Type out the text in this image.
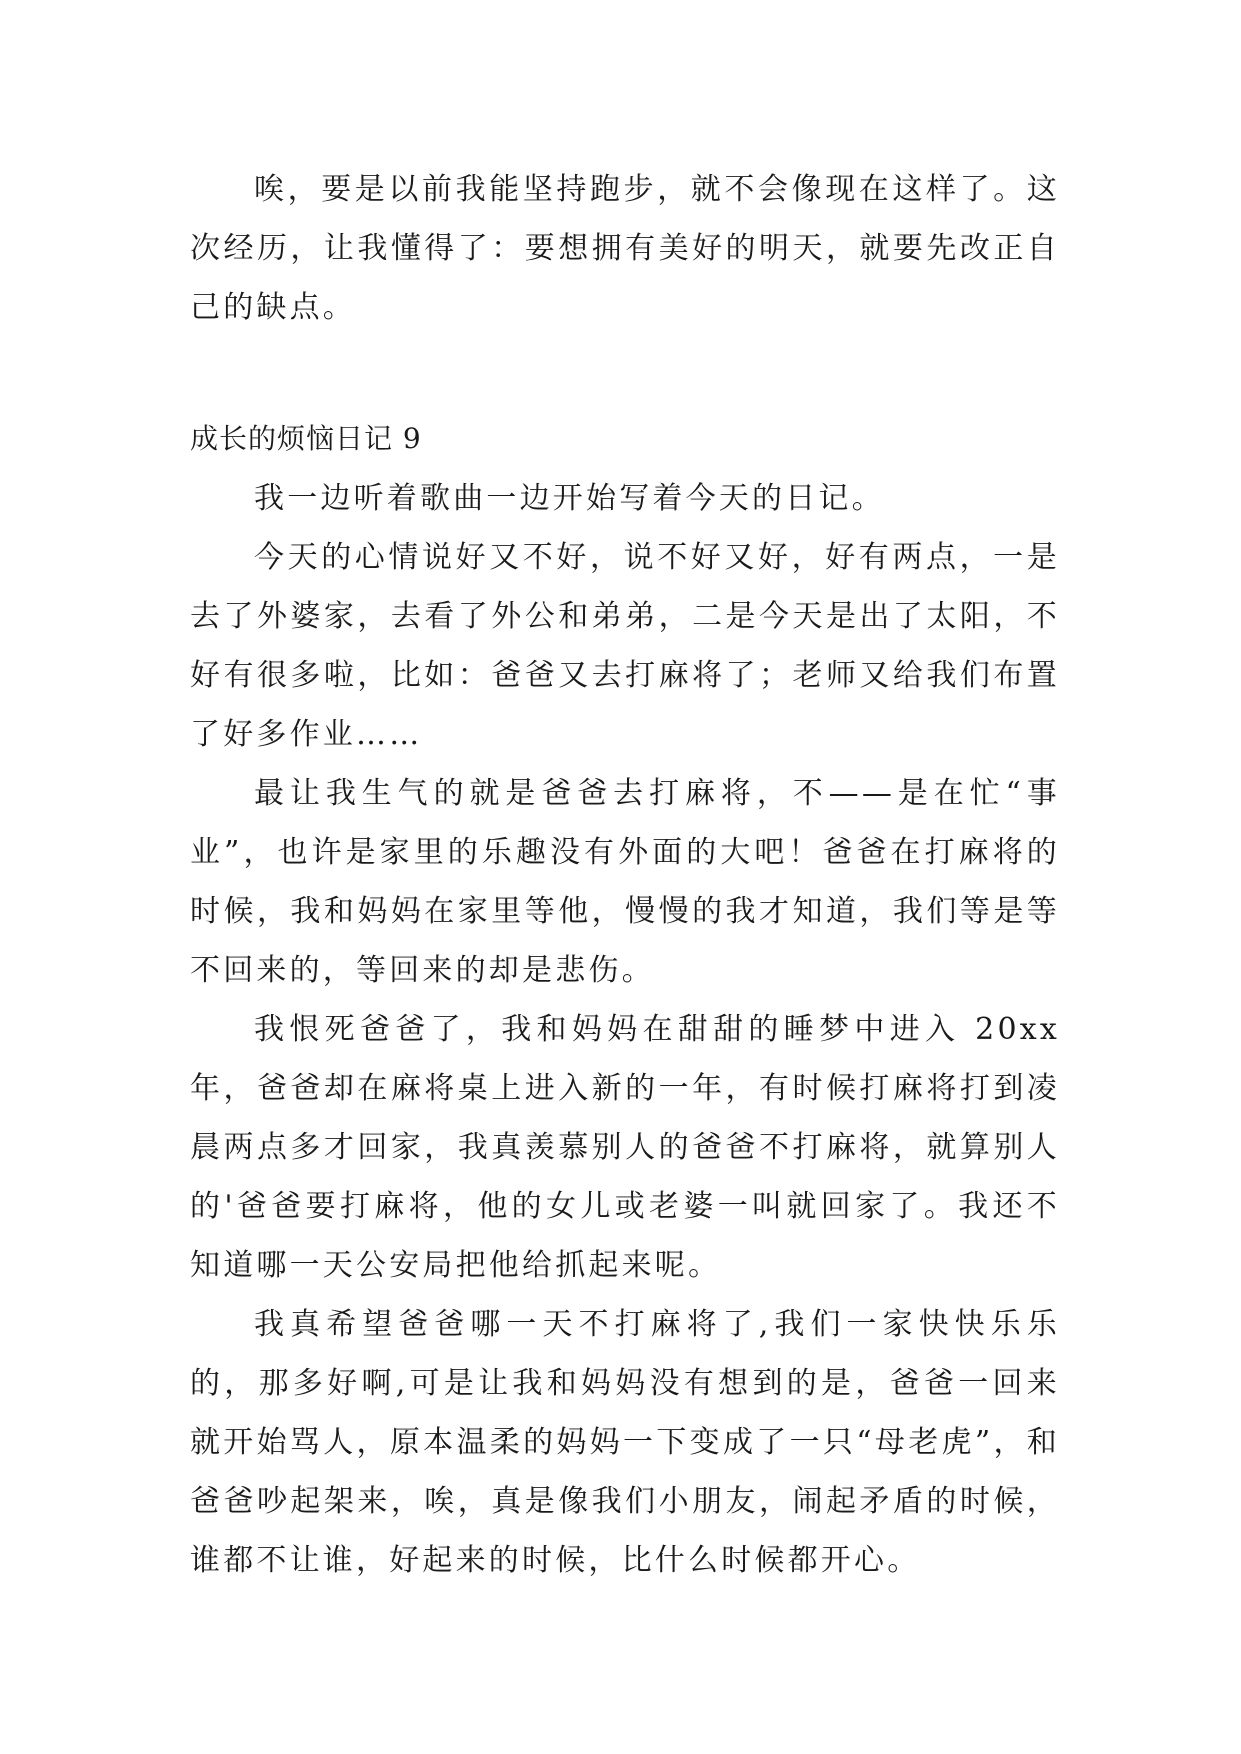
唉，要是以前我能坚持跑步，就不会像现在这样了。这次经历，让我懂得了：要想拥有美好的明天，就要先改正自己的缺点。

成长的烦恼日记 9

我一边听着歌曲一边开始写着今天的日记。

今天的心情说好又不好，说不好又好，好有两点，一是去了外婆家，去看了外公和弟弟，二是今天是出了太阳，不好有很多啦，比如：爸爸又去打麻将了；老师又给我们布置了好多作业……

最让我生气的就是爸爸去打麻将，不——是在忙“事业”，也许是家里的乐趣没有外面的大吧！爸爸在打麻将的时候，我和妈妈在家里等他，慢慢的我才知道，我们等是等不回来的，等回来的却是悲伤。

我恨死爸爸了，我和妈妈在甜甜的睡梦中进入 20xx 年，爸爸却在麻将桌上进入新的一年，有时候打麻将打到凌晨两点多才回家，我真羡慕别人的爸爸不打麻将，就算别人的'爸爸要打麻将，他的女儿或老婆一叫就回家了。我还不知道哪一天公安局把他给抓起来呢。

我真希望爸爸哪一天不打麻将了,我们一家快快乐乐的，那多好啊,可是让我和妈妈没有想到的是，爸爸一回来就开始骂人，原本温柔的妈妈一下变成了一只“母老虎”，和爸爸吵起架来，唉，真是像我们小朋友，闹起矛盾的时候，谁都不让谁，好起来的时候，比什么时候都开心。
